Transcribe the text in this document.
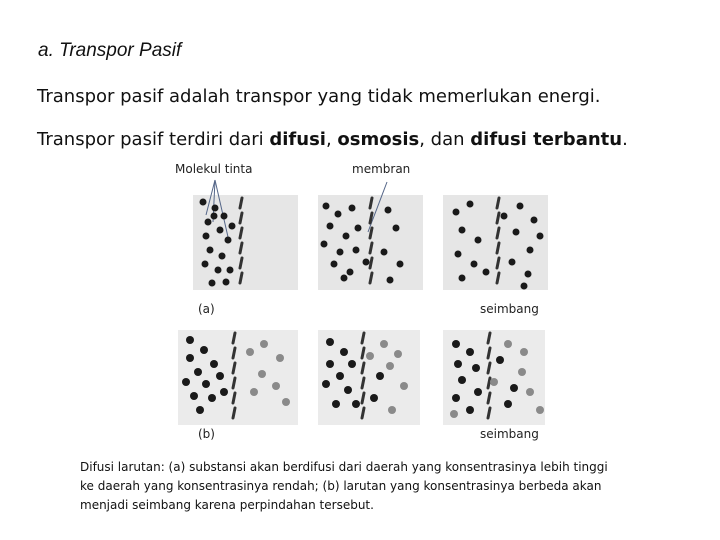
a. Transpor Pasif
Transpor pasif adalah transpor yang tidak memerlukan energi.
Transpor pasif terdiri dari difusi, osmosis, dan difusi terbantu.
Molekul tinta	membran
(a)	seimbang
(b)	seimbang
Difusi larutan: (a) substansi akan berdifusi dari daerah yang konsentrasinya lebih tinggi ke daerah yang konsentrasinya rendah; (b) larutan yang konsentrasinya berbeda akan menjadi seimbang karena perpindahan tersebut.
